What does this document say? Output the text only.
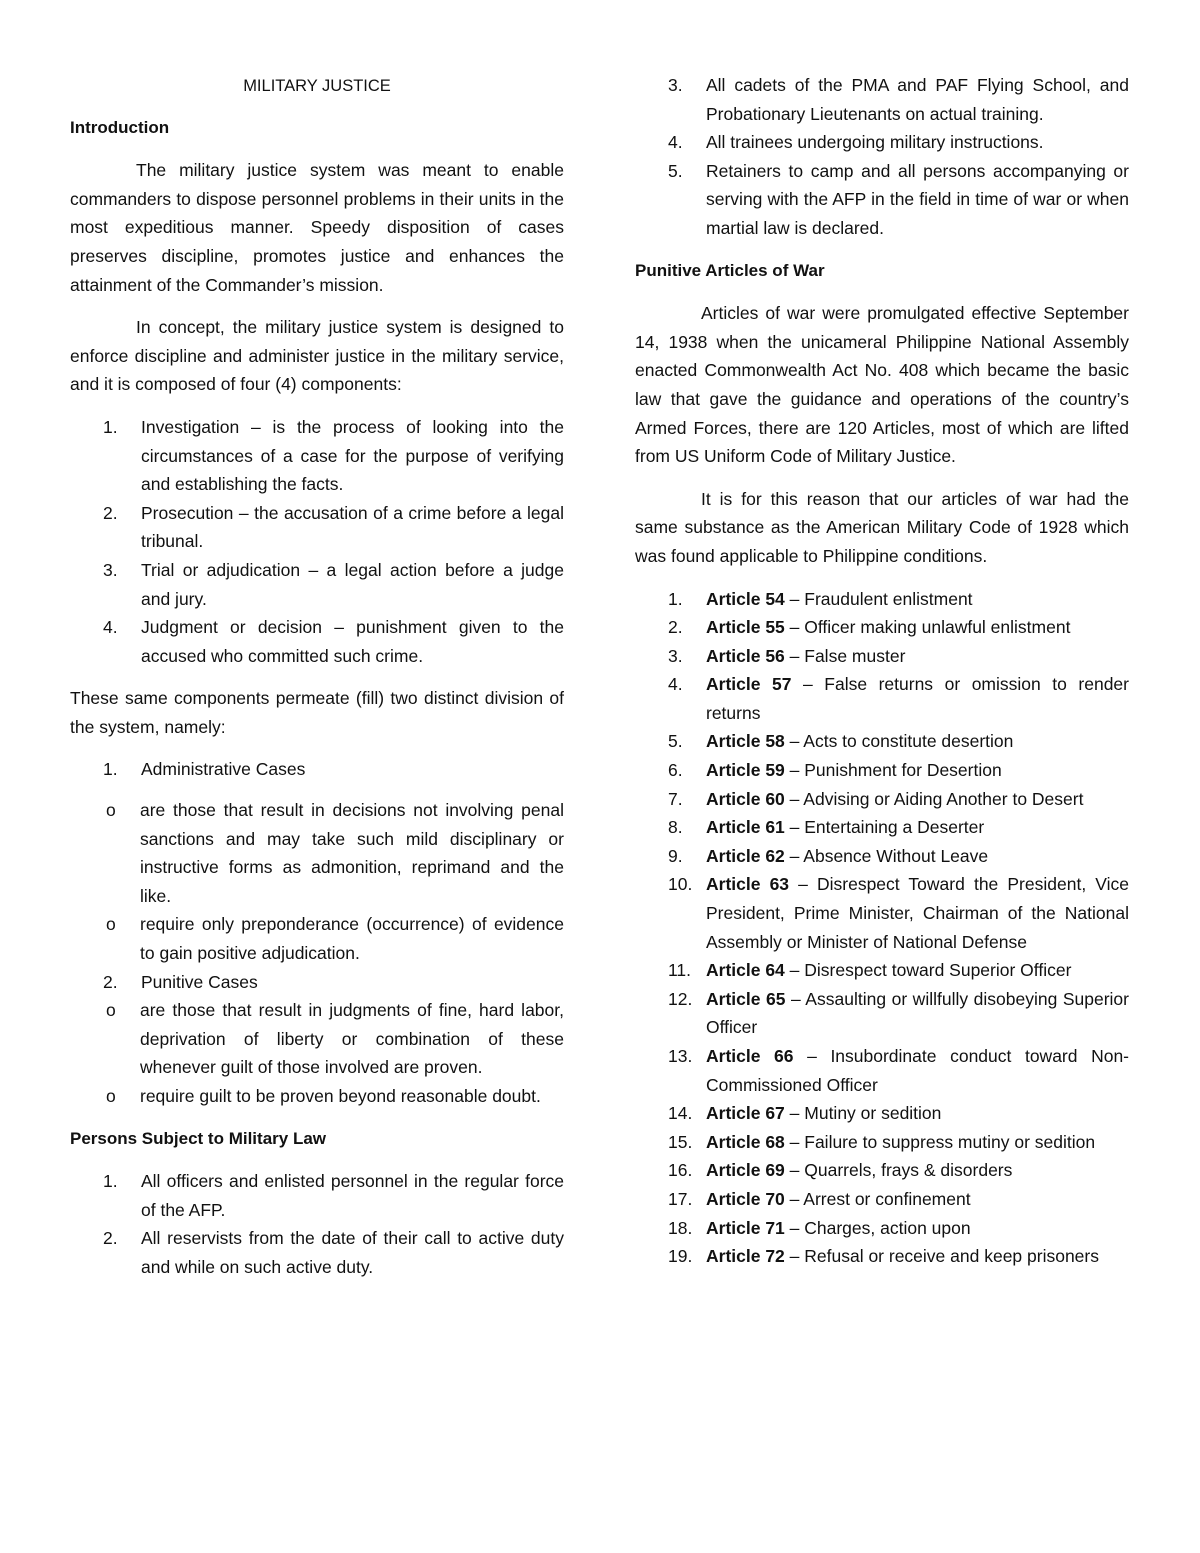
MILITARY JUSTICE
Introduction

The military justice system was meant to enable commanders to dispose personnel problems in their units in the most expeditious manner. Speedy disposition of cases preserves discipline, promotes justice and enhances the attainment of the Commander’s mission.

In concept, the military justice system is designed to enforce discipline and administer justice in the military service, and it is composed of four (4) components:

1.	Investigation – is the process of looking into the circumstances of a case for the purpose of verifying and establishing the facts.
2.	Prosecution – the accusation of a crime before a legal tribunal.
3.	Trial or adjudication – a legal action before a judge and jury.
4.	Judgment or decision – punishment given to the accused who committed such crime.

These same components permeate (fill) two distinct division of the system, namely:

1.	Administrative Cases
o	are those that result in decisions not involving penal sanctions and may take such mild disciplinary or instructive forms as admonition, reprimand and the like.
o	require only preponderance (occurrence) of evidence to gain positive adjudication.
2.	Punitive Cases
o	are those that result in judgments of fine, hard labor, deprivation of liberty or combination of these whenever guilt of those involved are proven.
o	require guilt to be proven beyond reasonable doubt.
Persons Subject to Military Law
1.	All officers and enlisted personnel in the regular force of the AFP.
2.	All reservists from the date of their call to active duty and while on such active duty.
3.	All cadets of the PMA and PAF Flying School, and Probationary Lieutenants on actual training.
4.	All trainees undergoing military instructions.
5.	Retainers to camp and all persons accompanying or serving with the AFP in the field in time of war or when martial law is declared.
Punitive Articles of War

Articles of war were promulgated effective September 14, 1938 when the unicameral Philippine National Assembly enacted Commonwealth Act No. 408 which became the basic law that gave the guidance and operations of the country’s Armed Forces, there are 120 Articles, most of which are lifted from US Uniform Code of Military Justice.

It is for this reason that our articles of war had the same substance as the American Military Code of 1928 which was found applicable to Philippine conditions.

1.	Article 54 – Fraudulent enlistment
2.	Article 55 – Officer making unlawful enlistment
3.	Article 56 – False muster
4.	Article 57 – False returns or omission to render returns
5.	Article 58 – Acts to constitute desertion
6.	Article 59 – Punishment for Desertion
7.	Article 60 – Advising or Aiding Another to Desert
8.	Article 61 – Entertaining a Deserter
9.	Article 62 – Absence Without Leave
10. Article 63 – Disrespect Toward the President, Vice President, Prime Minister, Chairman of the National Assembly or Minister of National Defense
11. Article 64 – Disrespect toward Superior Officer
12. Article 65 – Assaulting or willfully disobeying Superior Officer
13. Article 66 – Insubordinate conduct toward Non-Commissioned Officer
14. Article 67 – Mutiny or sedition
15. Article 68 – Failure to suppress mutiny or sedition
16. Article 69 – Quarrels, frays & disorders
17. Article 70 – Arrest or confinement
18. Article 71 – Charges, action upon
19. Article 72 – Refusal or receive and keep prisoners
